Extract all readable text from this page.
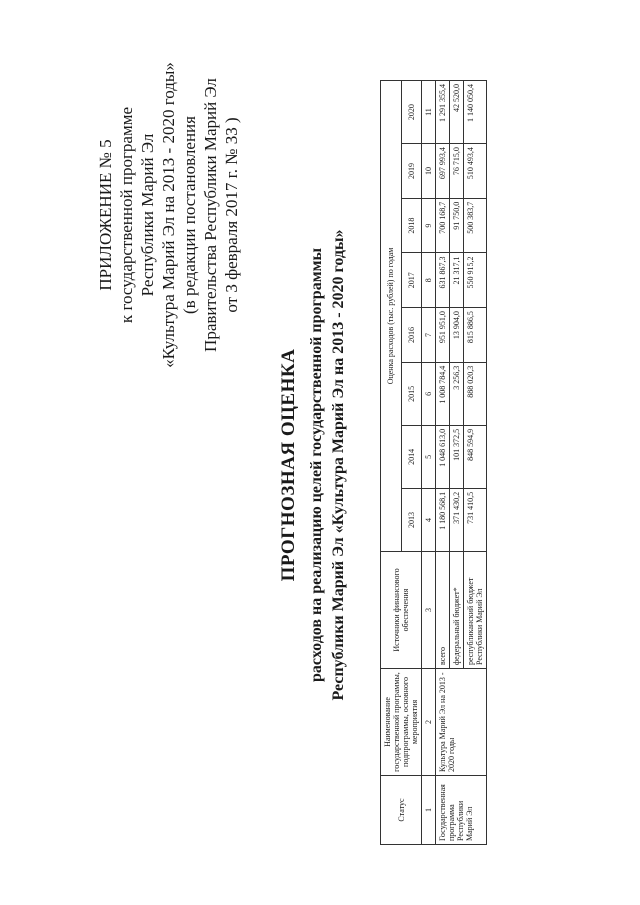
ПРИЛОЖЕНИЕ № 5 к государственной программе Республики Марий Эл «Культура Марий Эл на 2013 - 2020 годы» (в редакции постановления Правительства Республики Марий Эл от 3 февраля 2017 г. № 33 )
ПРОГНОЗНАЯ ОЦЕНКА расходов на реализацию целей государственной программы Республики Марий Эл «Культура Марий Эл на 2013 - 2020 годы»
Статус	Наименование государственной программы, подпрограммы, основного мероприятия	Источники финансового обеспечения	Оценка расходов (тыс. рублей) по годам							
			2013	2014	2015	2016	2017	2018	2019	2020
1	2	3	4	5	6	7	8	9	10	11
Государственная программа Республики Марий Эл	Культура Марий Эл на 2013 - 2020 годы	всего	1 180 568,1	1 048 613,0	1 008 784,4	951 951,0	631 867,3	700 168,7	697 993,4	1 291 355,4
		федеральный бюджет*	371 430,2	101 372,5	3 256,3	13 904,0	21 317,1	91 750,0	76 715,0	42 520,0
		республиканский бюджет Республики Марий Эл	731 410,5	848 594,9	888 020,3	815 886,5	550 915,2	500 383,7	510 493,4	1 140 050,4
